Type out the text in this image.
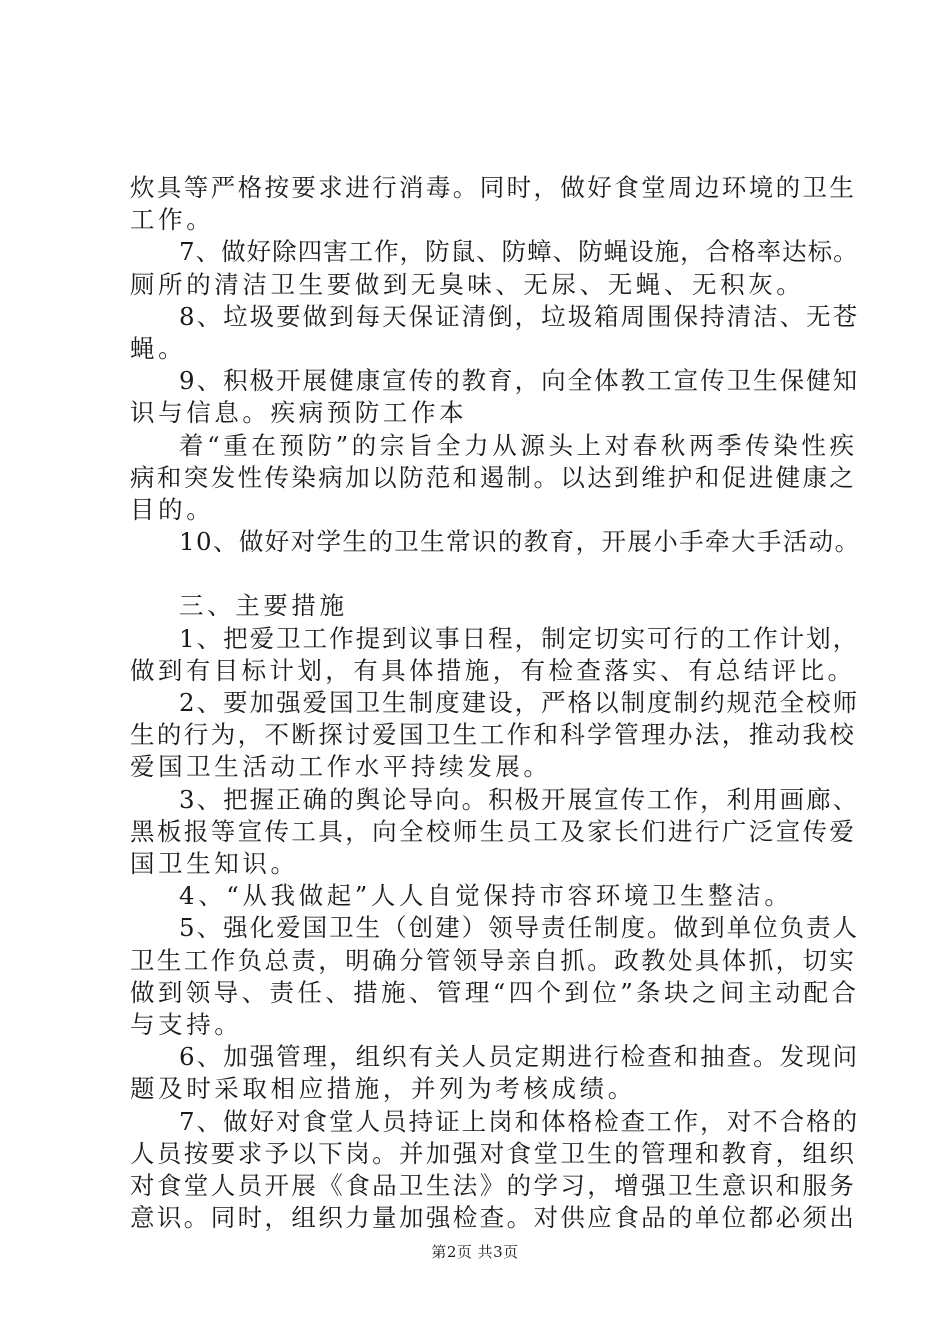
炊具等严格按要求进行消毒。同时，做好食堂周边环境的卫生

工作。

7、做好除四害工作，防鼠、防蟑、防蝇设施，合格率达标。

厕所的清洁卫生要做到无臭味、无尿、无蝇、无积灰。

8、垃圾要做到每天保证清倒，垃圾箱周围保持清洁、无苍

蝇。

9、积极开展健康宣传的教育，向全体教工宣传卫生保健知

识与信息。疾病预防工作本

着“重在预防”的宗旨全力从源头上对春秋两季传染性疾

病和突发性传染病加以防范和遏制。以达到维护和促进健康之

目的。

10、做好对学生的卫生常识的教育，开展小手牵大手活动。

三、主要措施

1、把爱卫工作提到议事日程，制定切实可行的工作计划，

做到有目标计划，有具体措施，有检查落实、有总结评比。

2、要加强爱国卫生制度建设，严格以制度制约规范全校师

生的行为，不断探讨爱国卫生工作和科学管理办法，推动我校

爱国卫生活动工作水平持续发展。

3、把握正确的舆论导向。积极开展宣传工作，利用画廊、

黑板报等宣传工具，向全校师生员工及家长们进行广泛宣传爱

国卫生知识。

4、“从我做起”人人自觉保持市容环境卫生整洁。

5、强化爱国卫生（创建）领导责任制度。做到单位负责人

卫生工作负总责，明确分管领导亲自抓。政教处具体抓，切实

做到领导、责任、措施、管理“四个到位”条块之间主动配合

与支持。

6、加强管理，组织有关人员定期进行检查和抽查。发现问

题及时采取相应措施，并列为考核成绩。

7、做好对食堂人员持证上岗和体格检查工作，对不合格的

人员按要求予以下岗。并加强对食堂卫生的管理和教育，组织

对食堂人员开展《食品卫生法》的学习，增强卫生意识和服务

意识。同时，组织力量加强检查。对供应食品的单位都必须出

第2页 共3页
